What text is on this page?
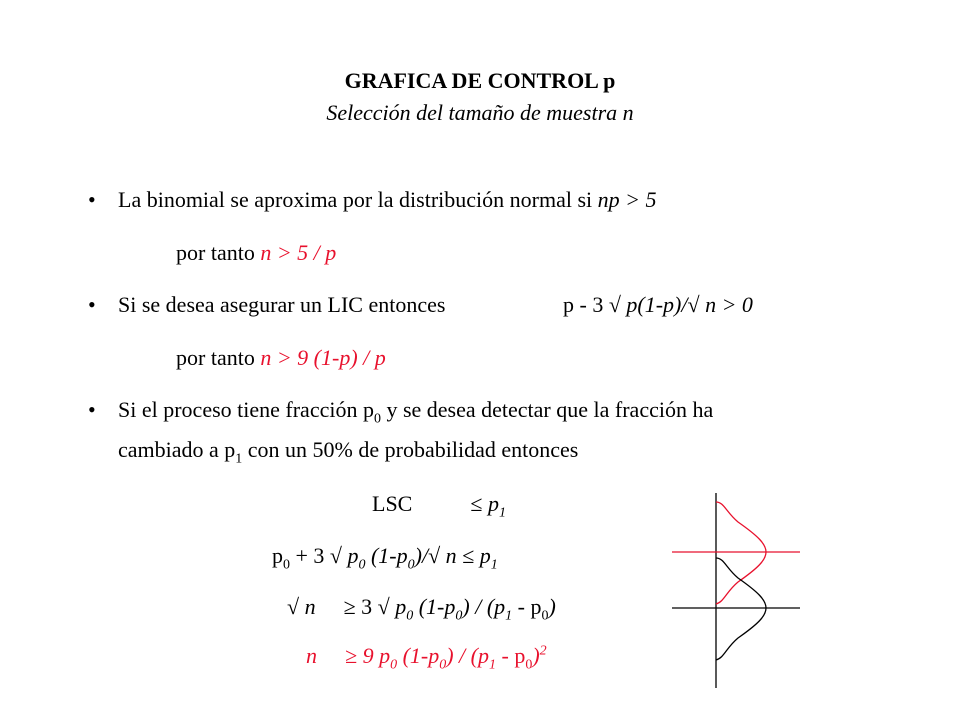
GRAFICA DE CONTROL p
Selección del tamaño de muestra n
• La binomial se aproxima por la distribución normal si np > 5
por tanto n > 5 / p
• Si se desea asegurar un LIC entonces	p - 3 √ p(1-p)/√ n > 0
por tanto n > 9 (1-p) / p
• Si el proceso tiene fracción $p_0$ y se desea detectar que la fracción ha
cambiado a $p_1$ con un 50% de probabilidad entonces
LSC	≤ $p_1$
$p_0 + 3$ √ $p_0$ $(1-p_0)/√$ $n \le p_1$
√ n ≥ 3 √ $p_0$ $(1-p_0) / (p_1 - p_0)$
n ≥ 9 $p_0$ $(1-p_0) / (p_1 - p_0)^2$
